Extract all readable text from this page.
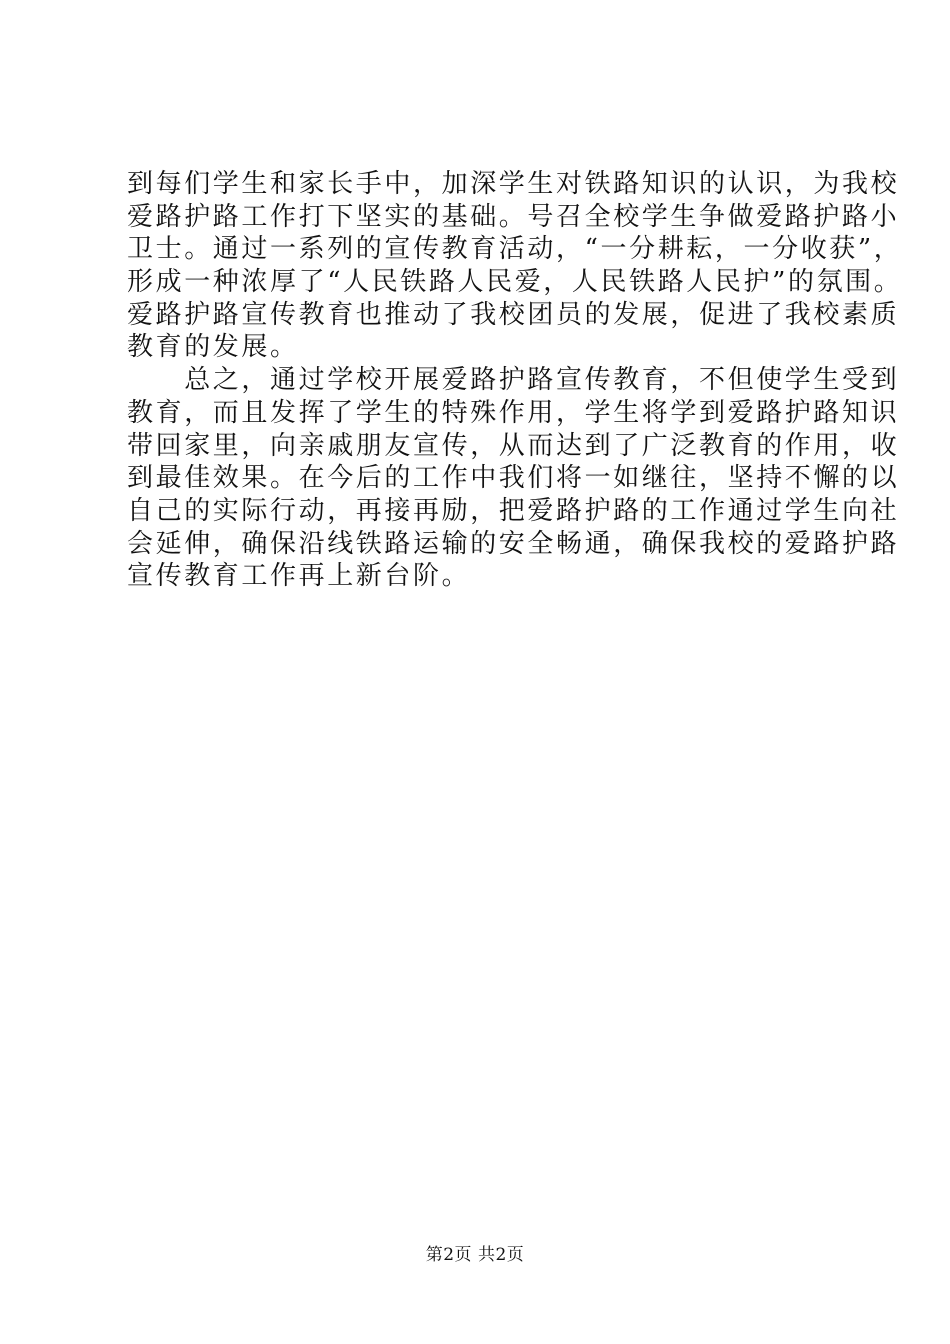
到每们学生和家长手中，加深学生对铁路知识的认识，为我校
爱路护路工作打下坚实的基础。号召全校学生争做爱路护路小
卫士。通过一系列的宣传教育活动，“一分耕耘，一分收获”，
形成一种浓厚了“人民铁路人民爱，人民铁路人民护”的氛围。
爱路护路宣传教育也推动了我校团员的发展，促进了我校素质
教育的发展。
　　总之，通过学校开展爱路护路宣传教育，不但使学生受到
教育，而且发挥了学生的特殊作用，学生将学到爱路护路知识
带回家里，向亲戚朋友宣传，从而达到了广泛教育的作用，收
到最佳效果。在今后的工作中我们将一如继往，坚持不懈的以
自己的实际行动，再接再励，把爱路护路的工作通过学生向社
会延伸，确保沿线铁路运输的安全畅通，确保我校的爱路护路
宣传教育工作再上新台阶。
第2页 共2页
